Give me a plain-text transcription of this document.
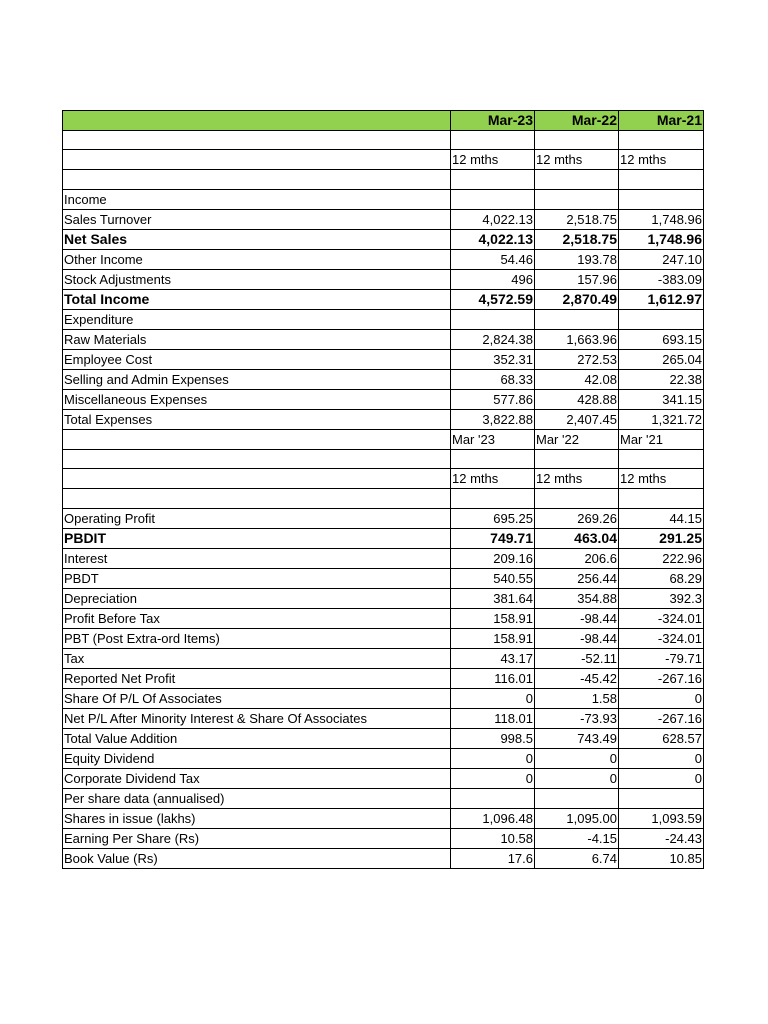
	Mar-23	Mar-22	Mar-21

	12 mths	12 mths	12 mths

Income			
Sales Turnover	4,022.13	2,518.75	1,748.96
Net Sales	4,022.13	2,518.75	1,748.96
Other Income	54.46	193.78	247.10
Stock Adjustments	496	157.96	-383.09
Total Income	4,572.59	2,870.49	1,612.97
Expenditure			
Raw Materials	2,824.38	1,663.96	693.15
Employee Cost	352.31	272.53	265.04
Selling and Admin Expenses	68.33	42.08	22.38
Miscellaneous Expenses	577.86	428.88	341.15
Total Expenses	3,822.88	2,407.45	1,321.72
	Mar '23	Mar '22	Mar '21

	12 mths	12 mths	12 mths

Operating Profit	695.25	269.26	44.15
PBDIT	749.71	463.04	291.25
Interest	209.16	206.6	222.96
PBDT	540.55	256.44	68.29
Depreciation	381.64	354.88	392.3
Profit Before Tax	158.91	-98.44	-324.01
PBT (Post Extra-ord Items)	158.91	-98.44	-324.01
Tax	43.17	-52.11	-79.71
Reported Net Profit	116.01	-45.42	-267.16
Share Of P/L Of Associates	0	1.58	0
Net P/L After Minority Interest & Share Of Associates	118.01	-73.93	-267.16
Total Value Addition	998.5	743.49	628.57
Equity Dividend	0	0	0
Corporate Dividend Tax	0	0	0
Per share data (annualised)			
Shares in issue (lakhs)	1,096.48	1,095.00	1,093.59
Earning Per Share (Rs)	10.58	-4.15	-24.43
Book Value (Rs)	17.6	6.74	10.85
